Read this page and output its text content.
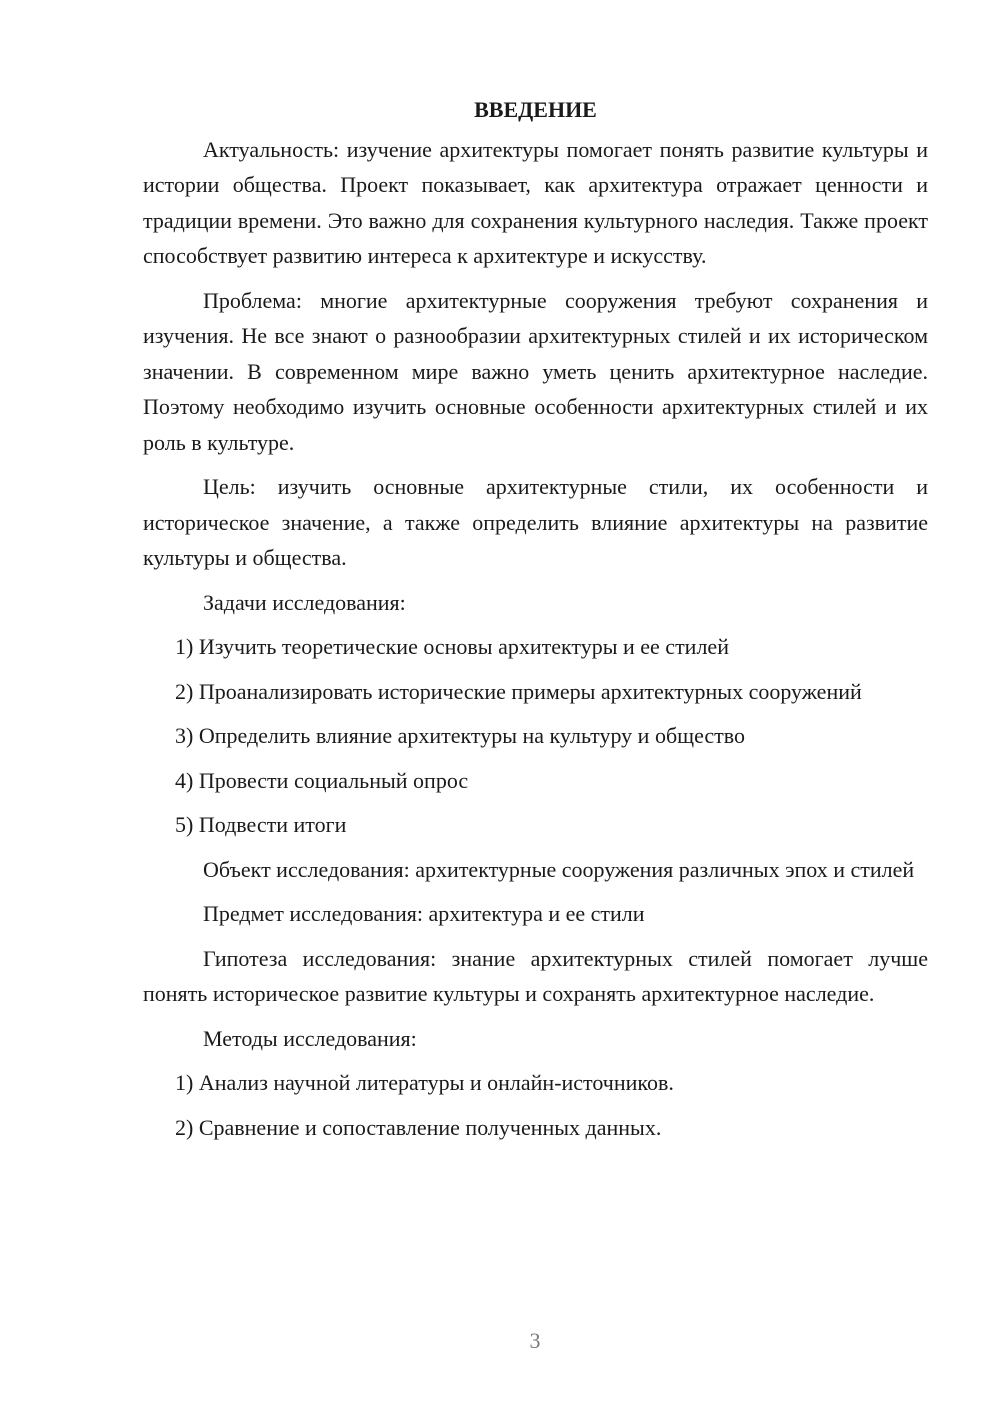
ВВЕДЕНИЕ

Актуальность: изучение архитектуры помогает понять развитие культуры и истории общества. Проект показывает, как архитектура отражает ценности и традиции времени. Это важно для сохранения культурного наследия. Также проект способствует развитию интереса к архитектуре и искусству.

Проблема: многие архитектурные сооружения требуют сохранения и изучения. Не все знают о разнообразии архитектурных стилей и их историческом значении. В современном мире важно уметь ценить архитектурное наследие. Поэтому необходимо изучить основные особенности архитектурных стилей и их роль в культуре.

Цель: изучить основные архитектурные стили, их особенности и историческое значение, а также определить влияние архитектуры на развитие культуры и общества.

Задачи исследования:

1) Изучить теоретические основы архитектуры и ее стилей

2) Проанализировать исторические примеры архитектурных сооружений

3) Определить влияние архитектуры на культуру и общество

4) Провести социальный опрос

5) Подвести итоги

Объект исследования: архитектурные сооружения различных эпох и стилей

Предмет исследования: архитектура и ее стили

Гипотеза исследования: знание архитектурных стилей помогает лучше понять историческое развитие культуры и сохранять архитектурное наследие.

Методы исследования:

1) Анализ научной литературы и онлайн-источников.

2) Сравнение и сопоставление полученных данных.

3
